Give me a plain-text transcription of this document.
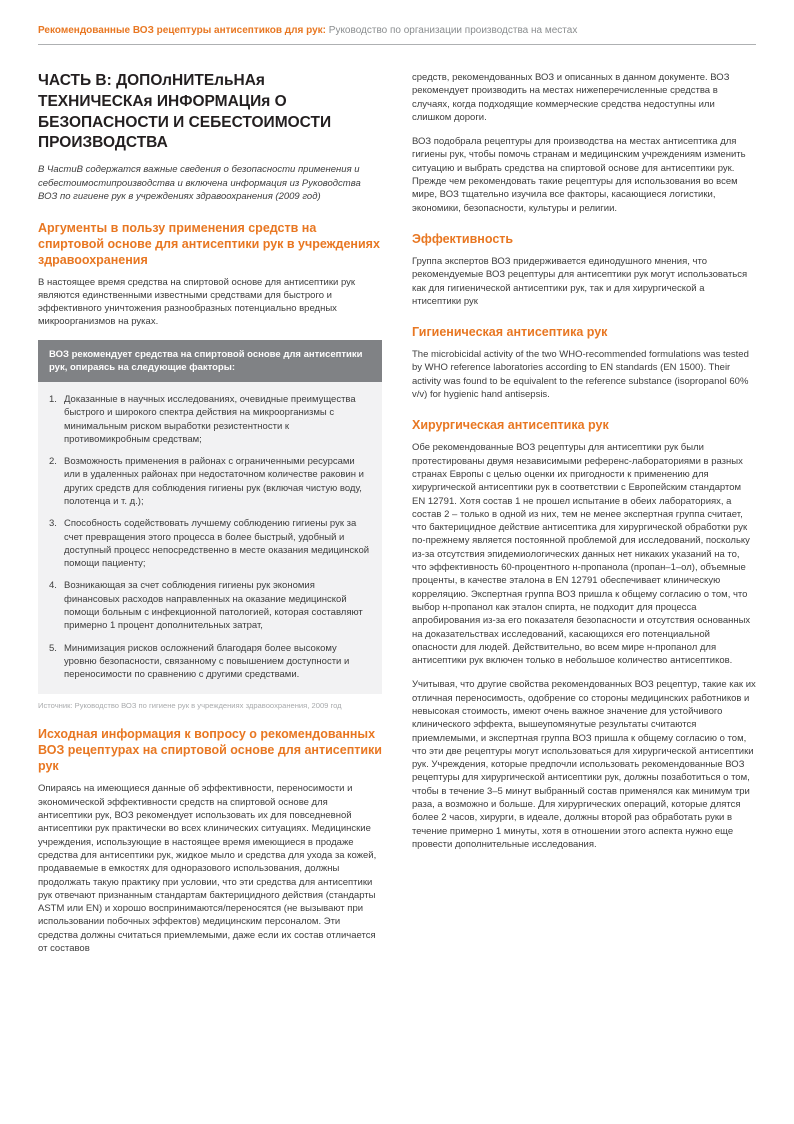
Рекомендованные ВОЗ рецептуры антисептиков для рук: Руководство по организации производства на местах
ЧАСТЬ В: ДОПОлНИТЕльНАя ТЕХНИЧЕСКАя ИНФОРМАЦИя О БЕЗОПАСНОСТИ И СЕБЕСТОИМОСТИ ПРОИЗВОДСТВА

В ЧастиВ содержатся важные сведения о безопасности применения и себестоимостипроизводства и включена информация из Руководства ВОЗ по гигиене рук в учреждениях здравоохранения (2009 год)

Аргументы в пользу применения средств на спиртовой основе для антисептики рук в учреждениях здравоохранения

В настоящее время средства на спиртовой основе для антисептики рук являются единственными известными средствами для быстрого и эффективного уничтожения разнообразных потенциально вредных микроорганизмов на руках.

ВОЗ рекомендует средства на спиртовой основе для антисептики рук, опираясь на следующие факторы:
1. Доказанные в научных исследованиях, очевидные преимущества быстрого и широкого спектра действия на микроорганизмы с минимальным риском выработки резистентности к противомикробным средствам;
2. Возможность применения в районах с ограниченными ресурсами или в удаленных районах при недостаточном количестве раковин и других средств для соблюдения гигиены рук (включая чистую воду, полотенца и т. д.);
3. Способность содействовать лучшему соблюдению гигиены рук за счет превращения этого процесса в более быстрый, удобный и доступный процесс непосредственно в месте оказания медицинской помощи пациенту;
4. Возникающая за счет соблюдения гигиены рук экономия финансовых расходов направленных на оказание медицинской помощи больным с инфекционной патологией, которая составляют примерно 1 процент дополнительных затрат,
5. Минимизация рисков осложнений благодаря более высокому уровню безопасности, связанному с повышением доступности и переносимости по сравнению с другими средствами.

Источник: Руководство ВОЗ по гигиене рук в учреждениях здравоохранения, 2009 год

Исходная информация к вопросу о рекомендованных ВОЗ рецептурах на спиртовой основе для антисептики рук

Опираясь на имеющиеся данные об эффективности, переносимости и экономической эффективности средств на спиртовой основе для антисептики рук, ВОЗ рекомендует использовать их для повседневной антисептики рук практически во всех клинических ситуациях. Медицинские учреждения, использующие в настоящее время имеющиеся в продаже средства для антисептики рук, жидкое мыло и средства для ухода за кожей, продаваемые в емкостях для одноразового использования, должны продолжать такую практику при условии, что эти средства для антисептики рук отвечают признанным стандартам бактерицидного действия (стандарты ASTM или EN) и хорошо воспринимаются/переносятся (не вызывают при использовании побочных эффектов) медицинским персоналом. Эти средства должны считаться приемлемыми, даже если их состав отличается от составов

средств, рекомендованных ВОЗ и описанных в данном документе. ВОЗ рекомендует производить на местах нижеперечисленные средства в случаях, когда подходящие коммерческие средства недоступны или слишком дороги.

ВОЗ подобрала рецептуры для производства на местах антисептика для гигиены рук, чтобы помочь странам и медицинским учреждениям изменить ситуацию и выбрать средства на спиртовой основе для антисептики рук. Прежде чем рекомендовать такие рецептуры для использования во всем мире, ВОЗ тщательно изучила все факторы, касающиеся логистики, экономики, безопасности, культуры и религии.

Эффективность

Группа экспертов ВОЗ придерживается единодушного мнения, что рекомендуемые ВОЗ рецептуры для антисептики рук могут использоваться как для гигиенической антисептики рук, так и для хирургической а нтисептики рук

Гигиеническая антисептика рук

The microbicidal activity of the two WHO-recommended formulations was tested by WHO reference laboratories according to EN standards (EN 1500). Their activity was found to be equivalent to the reference substance (isopropanol 60% v/v) for hygienic hand antisepsis.

Хирургическая антисептика рук

Обе рекомендованные ВОЗ рецептуры для антисептики рук были протестированы двумя независимыми референс-лабораториями в разных странах Европы с целью оценки их пригодности к применению для хирургической антисептики рук в соответствии с Европейским стандартом EN 12791. Хотя состав 1 не прошел испытание в обеих лабораториях, а состав 2 – только в одной из них, тем не менее экспертная группа считает, что бактерицидное действие антисептика для хирургической обработки рук по-прежнему является постоянной проблемой для исследований, поскольку из-за отсутствия эпидемиологических данных нет никаких указаний на то, что эффективность 60-процентного н-пропанола (пропан–1–ол), объемные проценты, в качестве эталона в EN 12791 обеспечивает клиническую корреляцию. Экспертная группа ВОЗ пришла к общему согласию о том, что выбор н-пропанол как эталон спирта, не подходит для процесса апробирования из-за его показателя безопасности и отсутствия основанных на доказательствах исследований, касающихся его потенциальной опасности для людей. Действительно, во всем мире н-пропанол для антисептики рук включен только в небольшое количество антисептиков.

Учитывая, что другие свойства рекомендованных ВОЗ рецептур, такие как их отличная переносимость, одобрение со стороны медицинских работников и невысокая стоимость, имеют очень важное значение для устойчивого клинического эффекта, вышеупомянутые результаты считаются приемлемыми, и экспертная группа ВОЗ пришла к общему согласию о том, что эти две рецептуры могут использоваться для хирургической антисептики рук. Учреждения, которые предпочли использовать рекомендованные ВОЗ рецептуры для хирургической антисептики рук, должны позаботиться о том, чтобы в течение 3–5 минут выбранный состав применялся как минимум три раза, а возможно и больше. Для хирургических операций, которые длятся более 2 часов, хирурги, в идеале, должны второй раз обработать руки в течение примерно 1 минуты, хотя в отношении этого аспекта нужно еще провести дополнительные исследования.
